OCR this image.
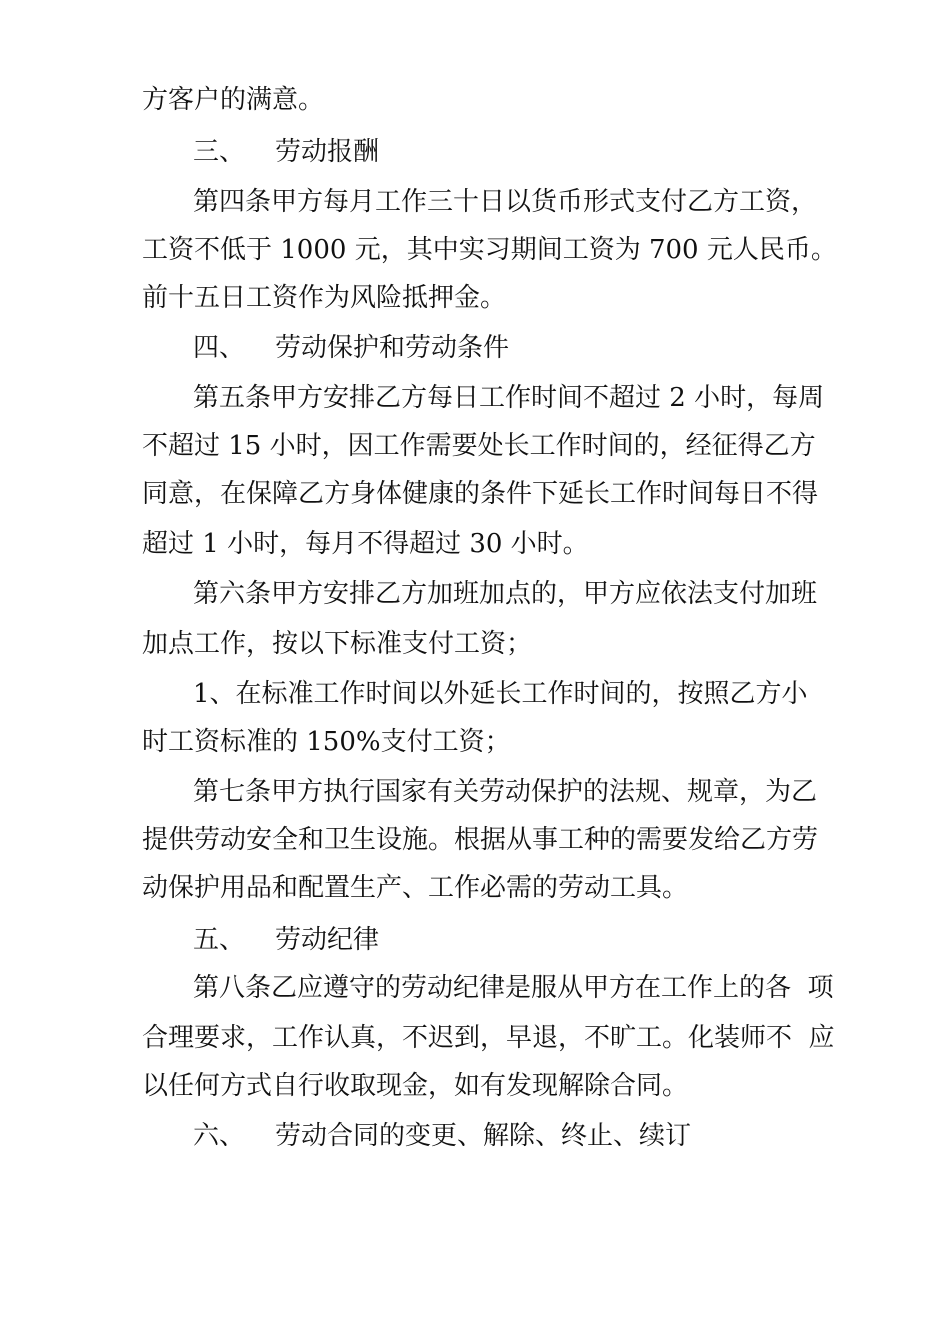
方客户的满意。
三、 劳动报酬
第四条甲方每月工作三十日以货币形式支付乙方工资，
工资不低于 1000 元，其中实习期间工资为 700 元人民币。
前十五日工资作为风险抵押金。
四、 劳动保护和劳动条件
第五条甲方安排乙方每日工作时间不超过 2 小时，每周
不超过 15 小时，因工作需要处长工作时间的，经征得乙方
同意，在保障乙方身体健康的条件下延长工作时间每日不得
超过 1 小时，每月不得超过 30 小时。
第六条甲方安排乙方加班加点的，甲方应依法支付加班
加点工作，按以下标准支付工资；
1、在标准工作时间以外延长工作时间的，按照乙方小
时工资标准的 150%支付工资；
第七条甲方执行国家有关劳动保护的法规、规章，为乙
提供劳动安全和卫生设施。根据从事工种的需要发给乙方劳
动保护用品和配置生产、工作必需的劳动工具。
五、 劳动纪律
第八条乙应遵守的劳动纪律是服从甲方在工作上的各  项
合理要求，工作认真，不迟到，早退，不旷工。化装师不  应
以任何方式自行收取现金，如有发现解除合同。
六、 劳动合同的变更、解除、终止、续订
